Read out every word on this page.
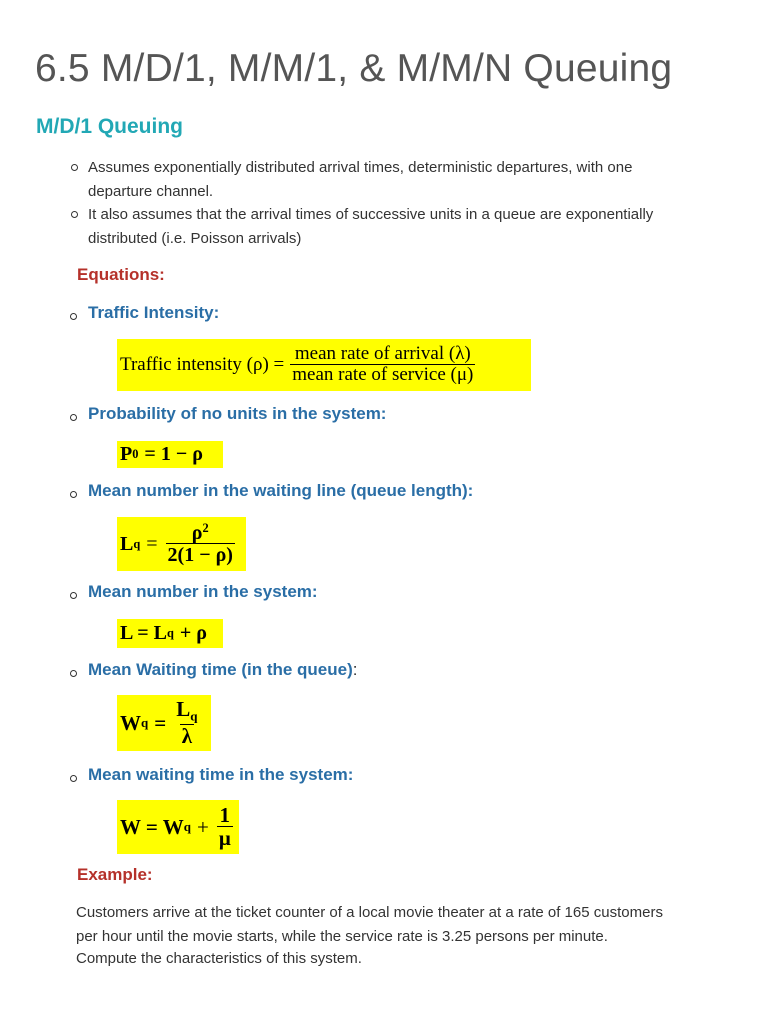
6.5 M/D/1, M/M/1, & M/M/N Queuing
M/D/1 Queuing
Assumes exponentially distributed arrival times, deterministic departures, with one
departure channel.
It also assumes that the arrival times of successive units in a queue are exponentially
distributed (i.e. Poisson arrivals)
Equations:
Traffic Intensity:
Traffic intensity $(\rho) = \frac{\text{mean rate of arrival (λ)}}{\text{mean rate of service (μ)}}$
Probability of no units in the system:
P 0 = 1 − ρ
Mean number in the waiting line (queue length):
L $q = \frac{\rho^2}{2(1 - \rho)}$
Mean number in the system:
L = L q + ρ
Mean Waiting time (in the queue):
W $q = \frac{L_q}{\lambda}$
Mean waiting time in the system:
W = W $q + \frac{1}{\mu}$
Example:
Customers arrive at the ticket counter of a local movie theater at a rate of 165 customers
per hour until the movie starts, while the service rate is 3.25 persons per minute.
Compute the characteristics of this system.
